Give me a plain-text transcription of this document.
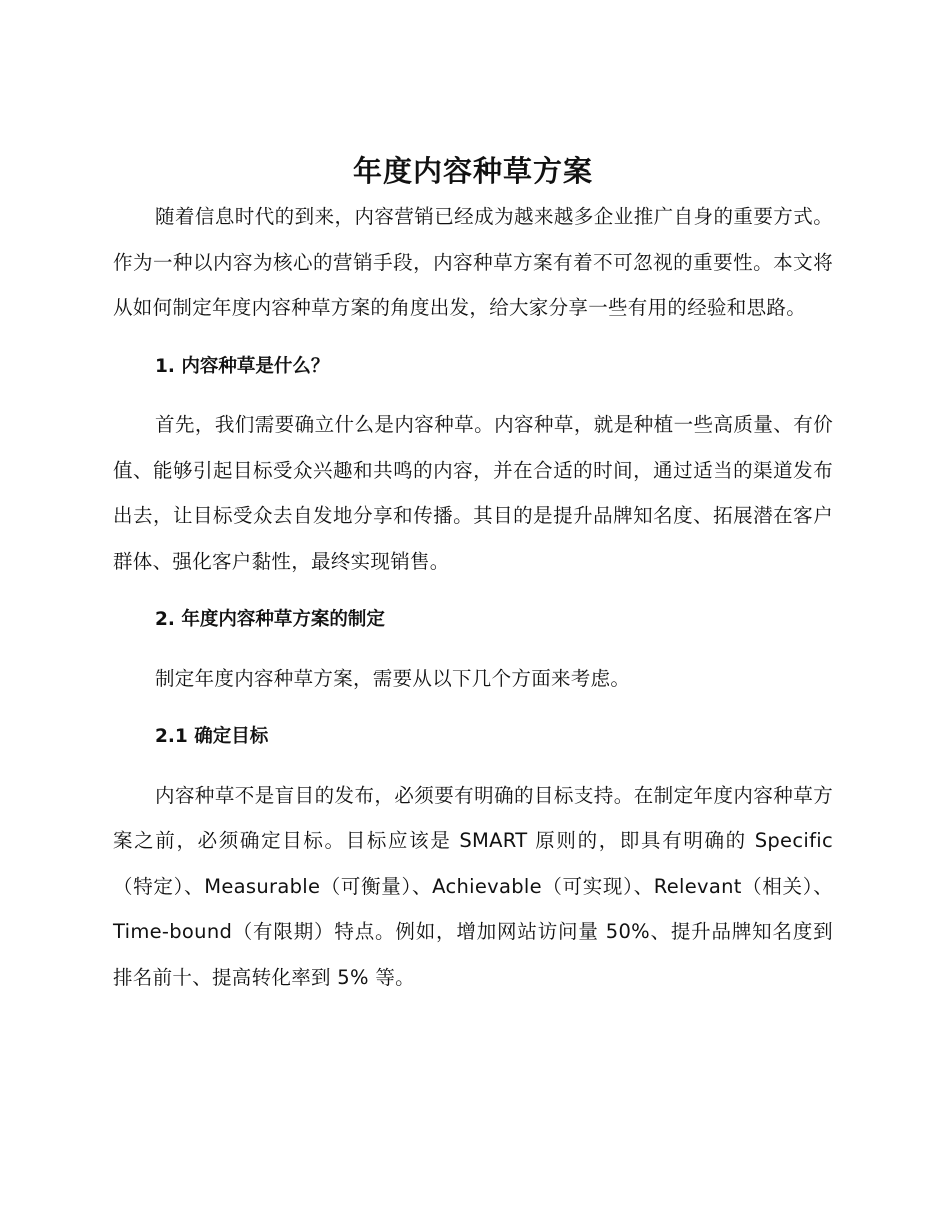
年度内容种草方案

随着信息时代的到来，内容营销已经成为越来越多企业推广自身的重要方式。作为一种以内容为核心的营销手段，内容种草方案有着不可忽视的重要性。本文将从如何制定年度内容种草方案的角度出发，给大家分享一些有用的经验和思路。

1. 内容种草是什么？

首先，我们需要确立什么是内容种草。内容种草，就是种植一些高质量、有价值、能够引起目标受众兴趣和共鸣的内容，并在合适的时间，通过适当的渠道发布出去，让目标受众去自发地分享和传播。其目的是提升品牌知名度、拓展潜在客户群体、强化客户黏性，最终实现销售。

2. 年度内容种草方案的制定

制定年度内容种草方案，需要从以下几个方面来考虑。

2.1 确定目标

内容种草不是盲目的发布，必须要有明确的目标支持。在制定年度内容种草方案之前，必须确定目标。目标应该是 SMART 原则的，即具有明确的 Specific（特定）、Measurable（可衡量）、Achievable（可实现）、Relevant（相关）、Time-bound（有限期）特点。例如，增加网站访问量 50%、提升品牌知名度到排名前十、提高转化率到 5% 等。
